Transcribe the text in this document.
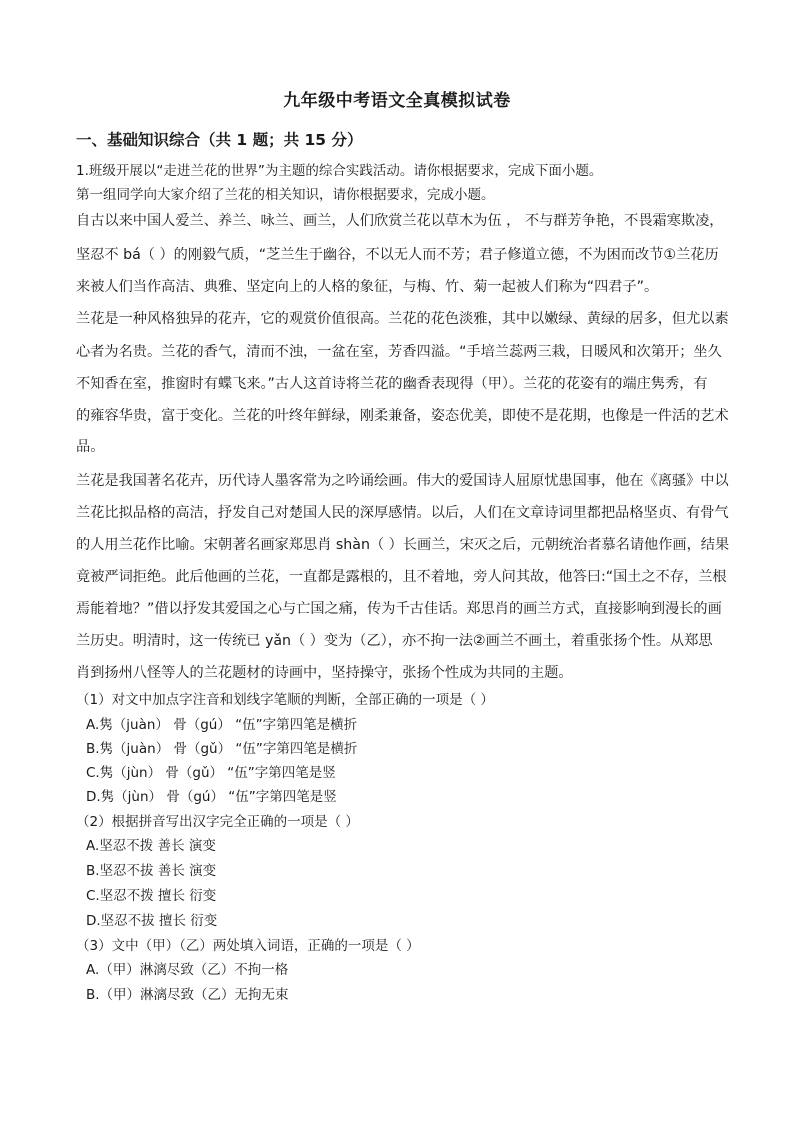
九年级中考语文全真模拟试卷
一、基础知识综合（共 1 题；共 15 分）
1.班级开展以“走进兰花的世界”为主题的综合实践活动。请你根据要求，完成下面小题。
第一组同学向大家介绍了兰花的相关知识，请你根据要求，完成小题。
自古以来中国人爱兰、养兰、咏兰、画兰，人们欣赏兰花以草木为伍 ， 不与群芳争艳，不畏霜寒欺凌，
坚忍不 bá（ ）的刚毅气质，“芝兰生于幽谷，不以无人而不芳；君子修道立德，不为困而改节①兰花历
来被人们当作高洁、典雅、坚定向上的人格的象征，与梅、竹、菊一起被人们称为“四君子”。
兰花是一种风格独异的花卉，它的观赏价值很高。兰花的花色淡雅，其中以嫩绿、黄绿的居多，但尤以素
心者为名贵。兰花的香气，清而不浊，一盆在室，芳香四溢。“手培兰蕊两三栽，日暖风和次第开；坐久
不知香在室，推窗时有蝶飞来。”古人这首诗将兰花的幽香表现得（甲）。兰花的花姿有的端庄隽秀，有
的雍容华贵，富于变化。兰花的叶终年鲜绿，刚柔兼备，姿态优美，即使不是花期，也像是一件活的艺术
品。
兰花是我国著名花卉，历代诗人墨客常为之吟诵绘画。伟大的爱国诗人屈原忧患国事，他在《离骚》中以
兰花比拟品格的高洁，抒发自己对楚国人民的深厚感情。以后，人们在文章诗词里都把品格坚贞、有骨气
的人用兰花作比喻。宋朝著名画家郑思肖 shàn（ ）长画兰，宋灭之后，元朝统治者慕名请他作画，结果
竟被严词拒绝。此后他画的兰花，一直都是露根的，且不着地，旁人问其故，他答曰:“国土之不存，兰根
焉能着地？”借以抒发其爱国之心与亡国之痛，传为千古佳话。郑思肖的画兰方式，直接影响到漫长的画
兰历史。明清时，这一传统已 yǎn（ ）变为（乙），亦不拘一法②画兰不画土，着重张扬个性。从郑思
肖到扬州八怪等人的兰花题材的诗画中，坚持操守，张扬个性成为共同的主题。
（1）对文中加点字注音和划线字笔顺的判断，全部正确的一项是（ ）
A.隽（juàn） 骨（gú） “伍”字第四笔是横折
B.隽（juàn） 骨（gǔ） “伍”字第四笔是横折
C.隽（jùn） 骨（gǔ） “伍”字第四笔是竖
D.隽（jùn） 骨（gú） “伍”字第四笔是竖
（2）根据拼音写出汉字完全正确的一项是（ ）
A.坚忍不拨 善长 演变
B.坚忍不拔 善长 演变
C.坚忍不拨 擅长 衍变
D.坚忍不拔 擅长 衍变
（3）文中（甲）（乙）两处填入词语，正确的一项是（ ）
A.（甲）淋漓尽致（乙）不拘一格
B.（甲）淋漓尽致（乙）无拘无束
